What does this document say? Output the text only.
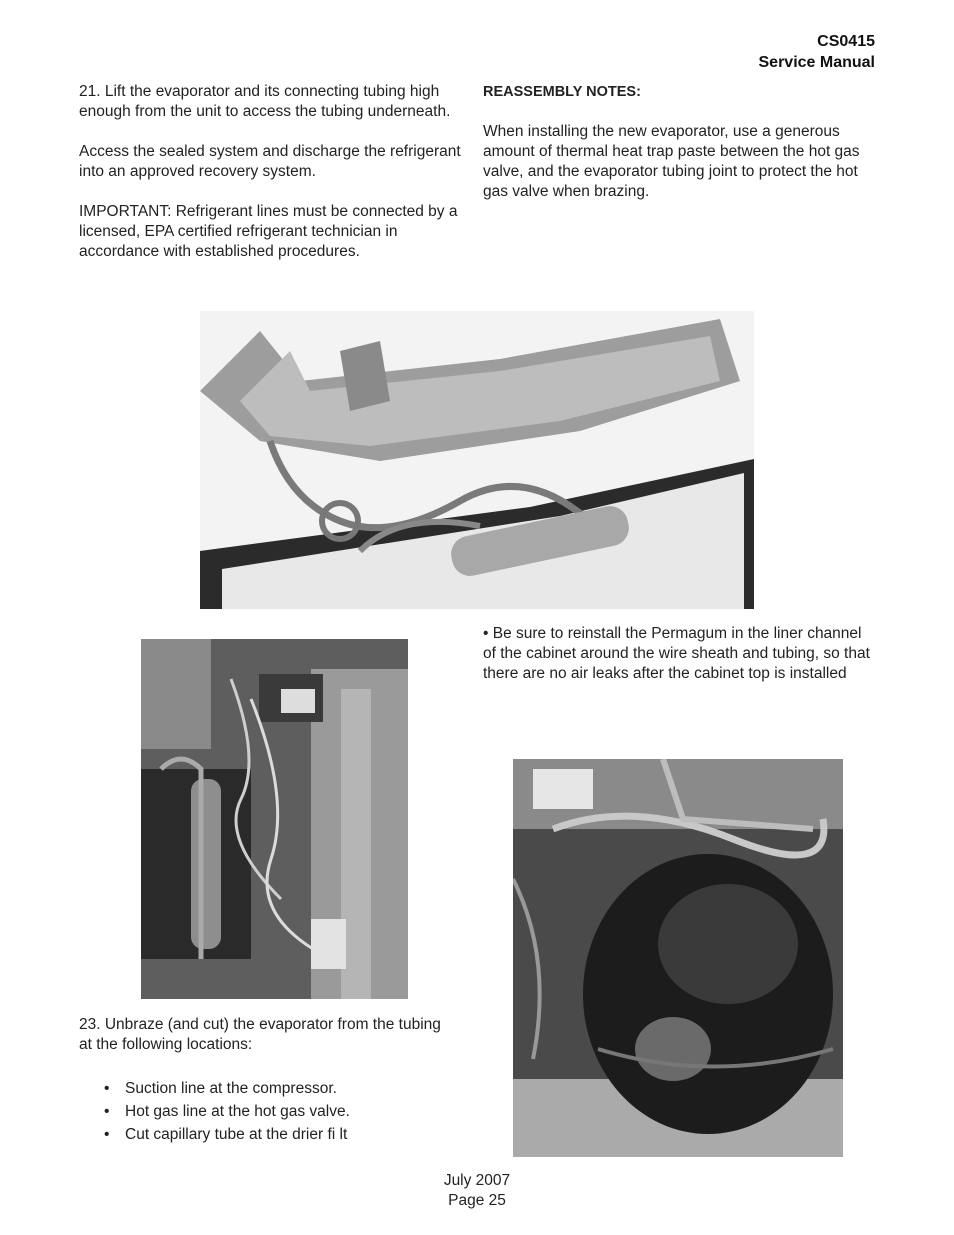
CS0415
Service Manual

21. Lift the evaporator and its connecting tubing high enough from the unit to access the tubing underneath.

Access the sealed system and discharge the refrigerant into an approved recovery system.

IMPORTANT: Refrigerant lines must be connected by a licensed, EPA certified refrigerant technician in accordance with established procedures.

REASSEMBLY NOTES:

When installing the new evaporator, use a generous amount of thermal heat trap paste between the hot gas valve, and the evaporator tubing joint to protect the hot gas valve when brazing.

• Be sure to reinstall the Permagum in the liner channel of the cabinet around the wire sheath and tubing, so that there are no air leaks after the cabinet top is installed

23. Unbraze (and cut) the evaporator from the tubing at the following locations:

• Suction line at the compressor.
• Hot gas line at the hot gas valve.
• Cut capillary tube at the drier ﬁ lt
July 2007
Page 25
